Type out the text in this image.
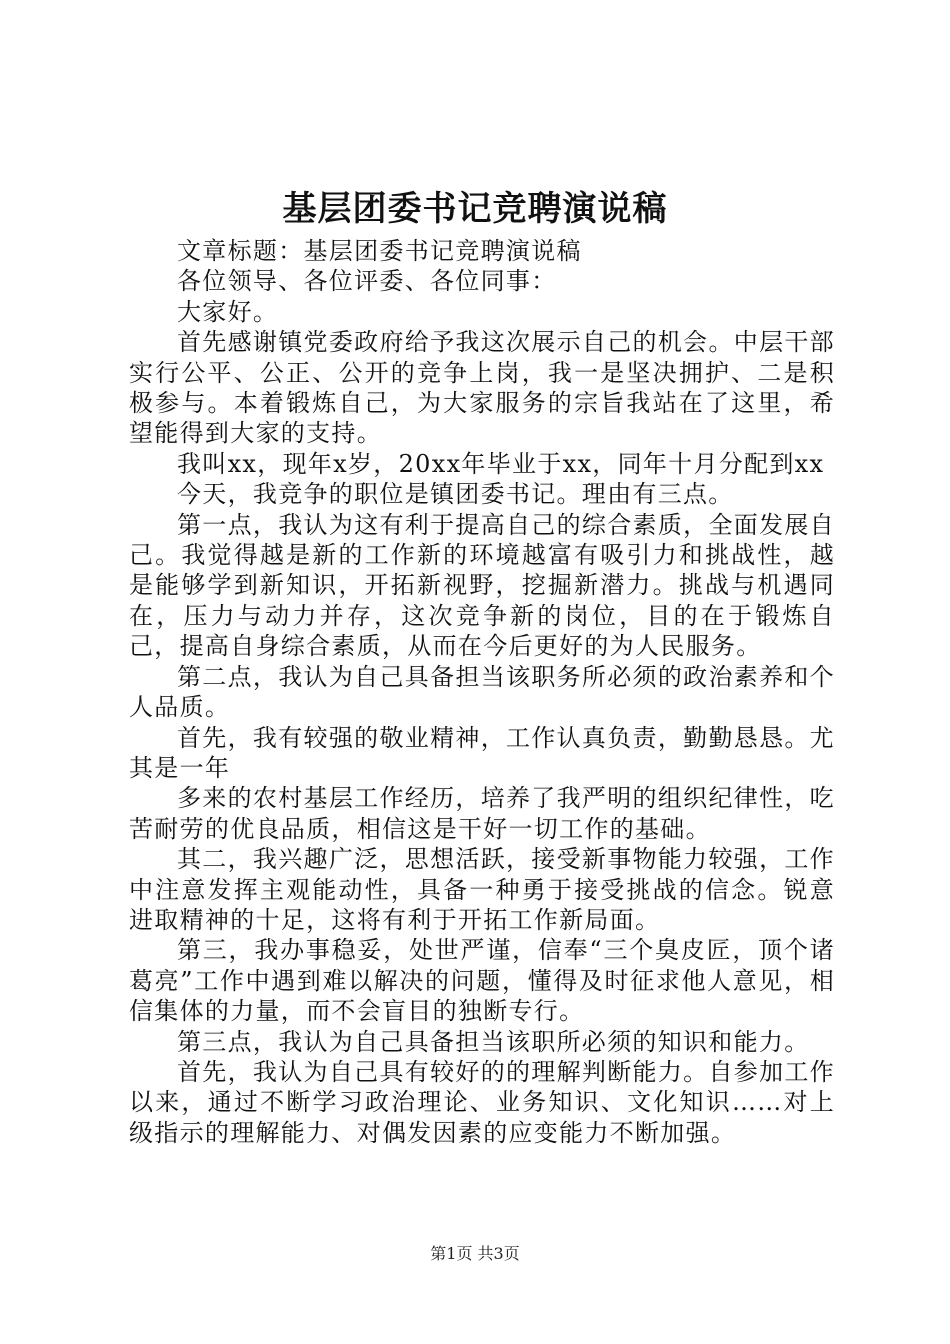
基层团委书记竞聘演说稿

文章标题：基层团委书记竞聘演说稿

各位领导、各位评委、各位同事：

大家好。

首先感谢镇党委政府给予我这次展示自己的机会。中层干部实行公平、公正、公开的竞争上岗，我一是坚决拥护、二是积极参与。本着锻炼自己，为大家服务的宗旨我站在了这里，希望能得到大家的支持。

我叫xx，现年x岁，20xx年毕业于xx，同年十月分配到xx

今天，我竞争的职位是镇团委书记。理由有三点。

第一点，我认为这有利于提高自己的综合素质，全面发展自己。我觉得越是新的工作新的环境越富有吸引力和挑战性，越是能够学到新知识，开拓新视野，挖掘新潜力。挑战与机遇同在，压力与动力并存，这次竞争新的岗位，目的在于锻炼自己，提高自身综合素质，从而在今后更好的为人民服务。

第二点，我认为自己具备担当该职务所必须的政治素养和个人品质。

首先，我有较强的敬业精神，工作认真负责，勤勤恳恳。尤其是一年

多来的农村基层工作经历，培养了我严明的组织纪律性，吃苦耐劳的优良品质，相信这是干好一切工作的基础。

其二，我兴趣广泛，思想活跃，接受新事物能力较强，工作中注意发挥主观能动性，具备一种勇于接受挑战的信念。锐意进取精神的十足，这将有利于开拓工作新局面。

第三，我办事稳妥，处世严谨，信奉“三个臭皮匠，顶个诸葛亮”工作中遇到难以解决的问题，懂得及时征求他人意见，相信集体的力量，而不会盲目的独断专行。

第三点，我认为自己具备担当该职所必须的知识和能力。

首先，我认为自己具有较好的的理解判断能力。自参加工作以来，通过不断学习政治理论、业务知识、文化知识……对上级指示的理解能力、对偶发因素的应变能力不断加强。

第1页 共3页
